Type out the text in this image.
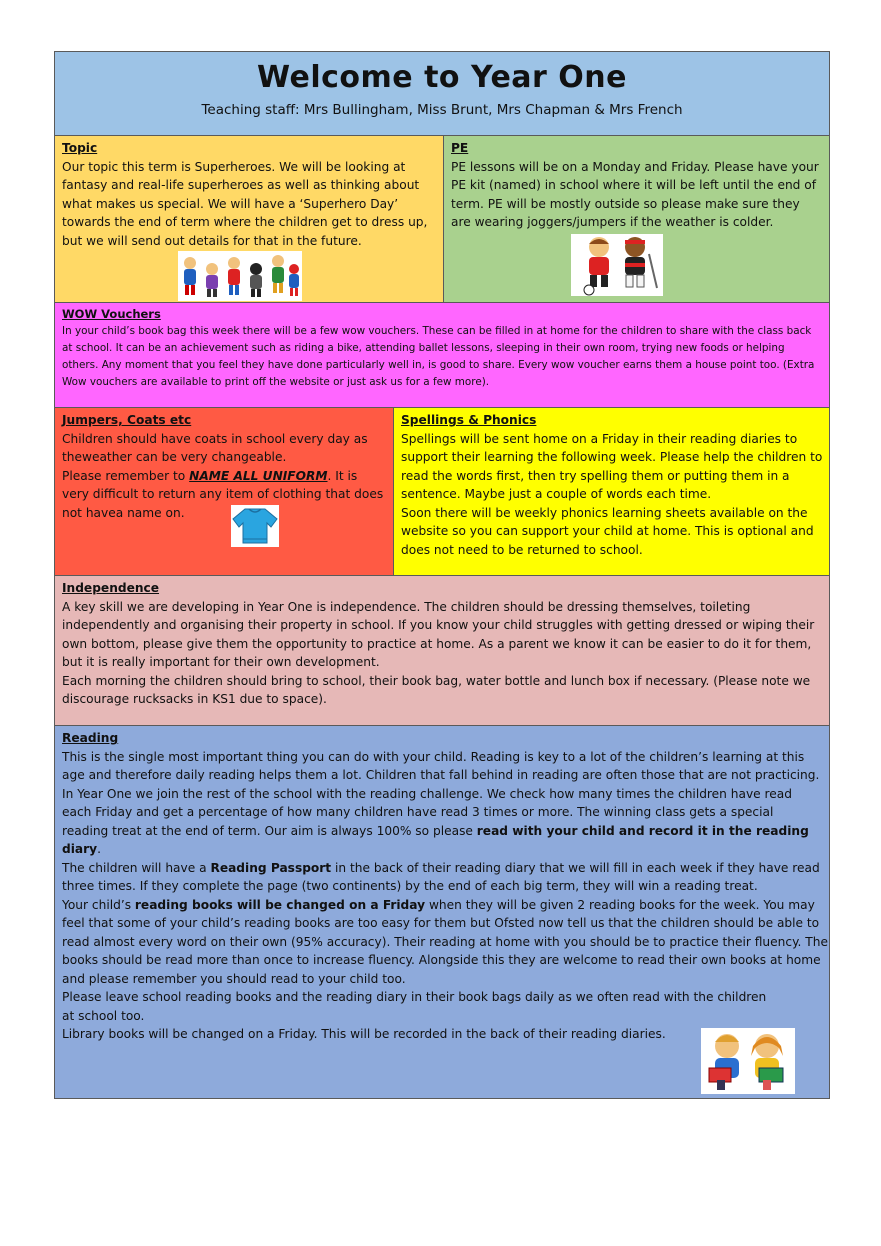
Welcome to Year One
Teaching staff: Mrs Bullingham, Miss Brunt, Mrs Chapman & Mrs French
Topic

Our topic this term is Superheroes. We will be looking at fantasy and real-life superheroes as well as thinking about what makes us special. We will have a ‘Superhero Day’ towards the end of term where the children get to dress up, but we will send out details for that in the future.

PE

PE lessons will be on a Monday and Friday. Please have your PE kit (named) in school where it will be left until the end of term. PE will be mostly outside so please make sure they are wearing joggers/jumpers if the weather is colder.

WOW Vouchers

In your child’s book bag this week there will be a few wow vouchers. These can be filled in at home for the children to share with the class back at school. It can be an achievement such as riding a bike, attending ballet lessons, sleeping in their own room, trying new foods or helping others. Any moment that you feel they have done particularly well in, is good to share. Every wow voucher earns them a house point too. (Extra Wow vouchers are available to print off the website or just ask us for a few more).

Jumpers, Coats etc

Children should have coats in school every day as theweather can be very changeable.

Please remember to NAME ALL UNIFORM. It is very difficult to return any item of clothing that does not havea name on.

Spellings & Phonics

Spellings will be sent home on a Friday in their reading diaries to support their learning the following week. Please help the children to read the words first, then try spelling them or putting them in a sentence. Maybe just a couple of words each time.

Soon there will be weekly phonics learning sheets available on the website so you can support your child at home. This is optional and does not need to be returned to school.

Independence

A key skill we are developing in Year One is independence. The children should be dressing themselves, toileting independently and organising their property in school. If you know your child struggles with getting dressed or wiping their own bottom, please give them the opportunity to practice at home. As a parent we know it can be easier to do it for them, but it is really important for their own development.

Each morning the children should bring to school, their book bag, water bottle and lunch box if necessary. (Please note we discourage rucksacks in KS1 due to space).

Reading

This is the single most important thing you can do with your child. Reading is key to a lot of the children’s learning at this age and therefore daily reading helps them a lot. Children that fall behind in reading are often those that are not practicing.

In Year One we join the rest of the school with the reading challenge. We check how many times the children have read each Friday and get a percentage of how many children have read 3 times or more. The winning class gets a special reading treat at the end of term. Our aim is always 100% so please read with your child and record it in the reading diary.

The children will have a Reading Passport in the back of their reading diary that we will fill in each week if they have read three times. If they complete the page (two continents) by the end of each big term, they will win a reading treat.

Your child’s reading books will be changed on a Friday when they will be given 2 reading books for the week. You may feel that some of your child’s reading books are too easy for them but Ofsted now tell us that the children should be able to read almost every word on their own (95% accuracy). Their reading at home with you should be to practice their fluency. The books should be read more than once to increase fluency. Alongside this they are welcome to read their own books at home and please remember you should read to your child too.

Please leave school reading books and the reading diary in their book bags daily as we often read with the children at school too.

Library books will be changed on a Friday. This will be recorded in the back of their reading diaries.
